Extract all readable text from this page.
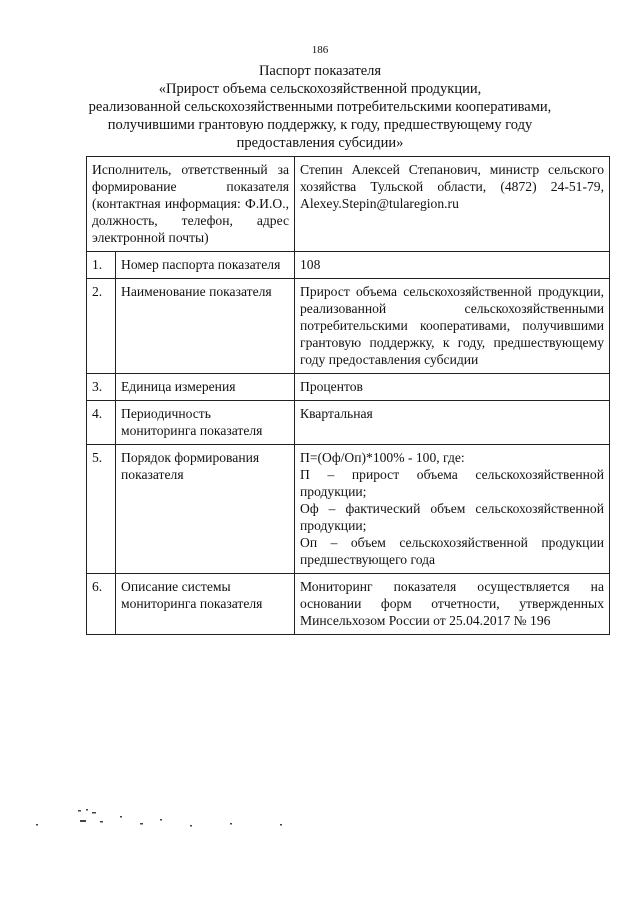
186
Паспорт показателя
«Прирост объема сельскохозяйственной продукции,
реализованной сельскохозяйственными потребительскими кооперативами,
получившими грантовую поддержку, к году, предшествующему году
предоставления субсидии»
Исполнитель, ответственный за формирование показателя (контактная информация: Ф.И.О., должность, телефон, адрес электронной почты)		Степин Алексей Степанович, министр сельского хозяйства Тульской области, (4872) 24-51-79, Alexey.Stepin@tularegion.ru
1.	Номер паспорта показателя	108
2.	Наименование показателя	Прирост объема сельскохозяйственной продукции, реализованной сельскохозяйственными потребительскими кооперативами, получившими грантовую поддержку, к году, предшествующему году предоставления субсидии
3.	Единица измерения	Процентов
4.	Периодичность мониторинга показателя	Квартальная
5.	Порядок формирования показателя	П=(Оф/Оп)*100% - 100, где:
П – прирост объема сельскохозяйственной продукции;
Оф – фактический объем сельскохозяйственной продукции;
Оп – объем сельскохозяйственной продукции предшествующего года

6.	Описание системы мониторинга показателя	Мониторинг показателя осуществляется на основании форм отчетности, утвержденных Минсельхозом России от 25.04.2017 № 196
